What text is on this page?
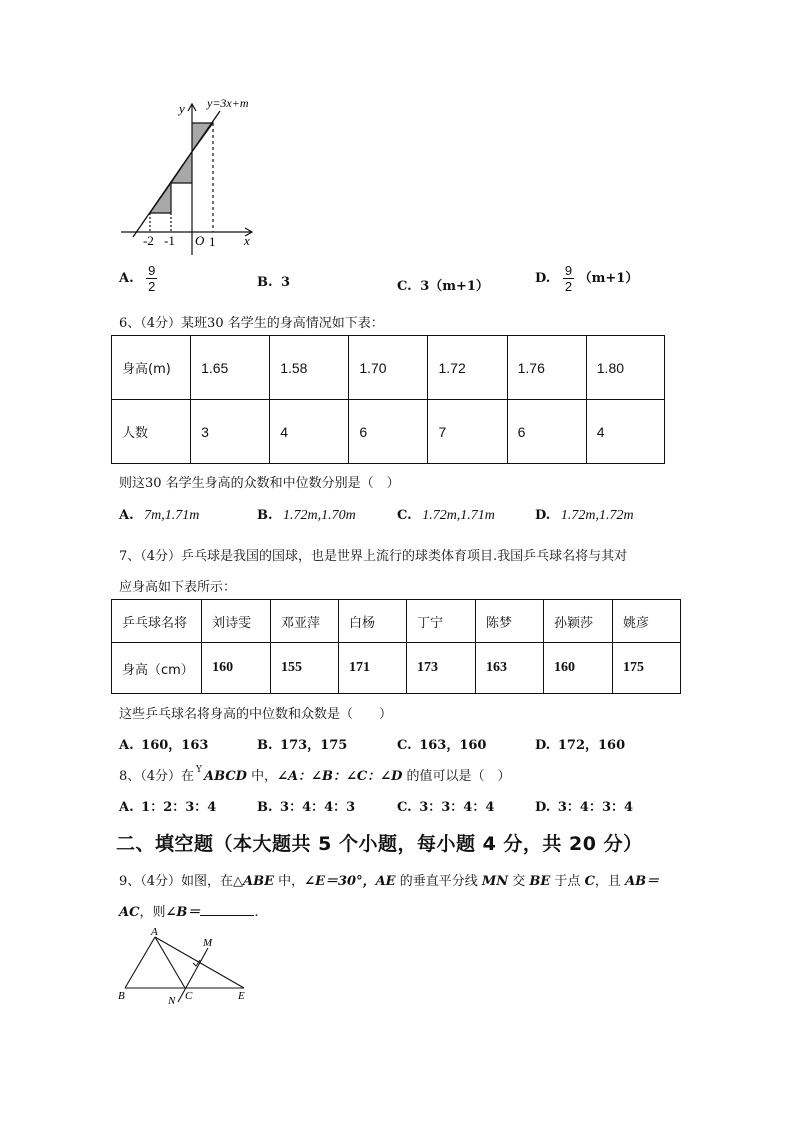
y y=3x+m
x
O
-2 -1	1
A. $\frac{9}{2}$	B. 3	C. 3（m+1）
D. $\frac{9}{2} (m+1)$
6、（4分）某班30 名学生的身高情况如下表：
身高(m)	1.65	1.58	1.70	1.72	1.76	1.80
人数	3	4	6	7	6	4
则这30 名学生身高的众数和中位数分别是（　）
A. 7m,1.71m	B. 1.72m,1.70m	C. 1.72m,1.71m	D. 1.72m,1.72m
7、（4分）乒乓球是我国的国球，也是世界上流行的球类体育项目.我国乒乓球名将与其对
应身高如下表所示：
乒乓球名将	刘诗雯	邓亚萍	白杨	丁宁	陈梦	孙颖莎	姚彦
身高（cm）	160	155	171	173	163	160	175
这些乒乓球名将身高的中位数和众数是（　　）
A. 160，163	B. 173，175	C. 163，160	D. 172，160
8、（4分）在 $^Y$ ABCD 中，∠A：∠B：∠C：∠D 的值可以是（　）
A. 1：2：3：4	B. 3：4：4：3	C. 3：3：4：4	D. 3：4：3：4
二、填空题（本大题共 5 个小题，每小题 4 分，共 20 分）
9、（4分）如图，在△ABE 中，∠E＝30°，AE 的垂直平分线 MN 交 BE 于点 C，且 AB＝
AC，则∠B＝	.
A
B	C	E
M
N
